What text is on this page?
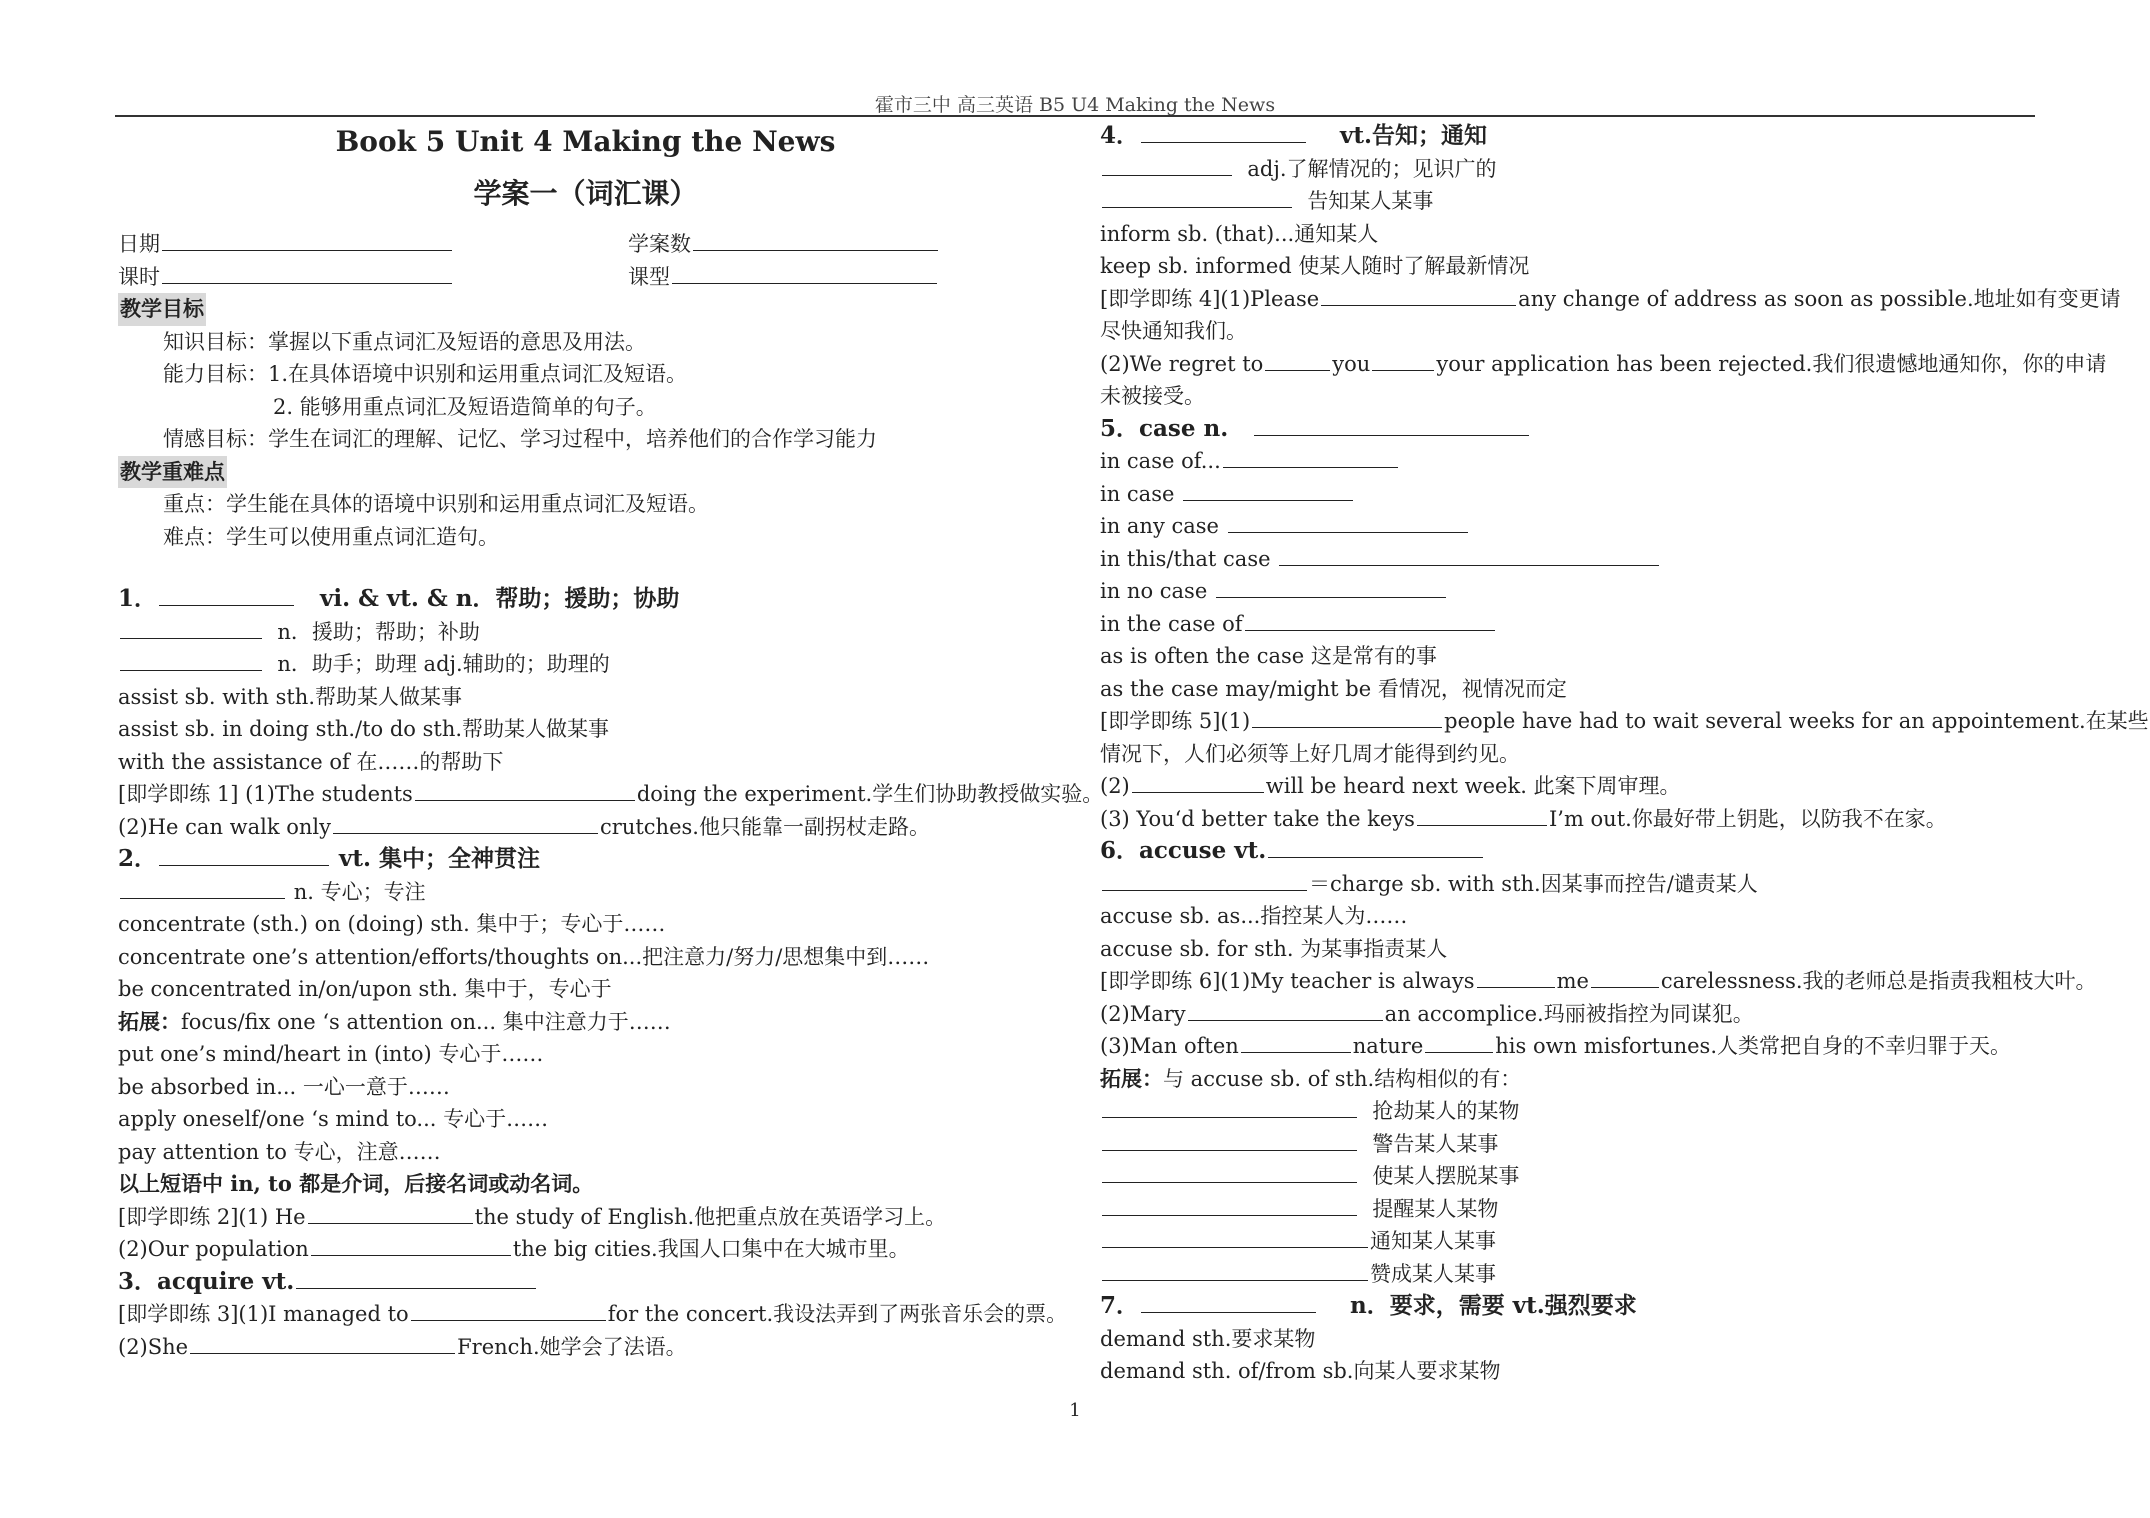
霍市三中 高三英语 B5 U4 Making the News
Book 5 Unit 4 Making the News
学案一（词汇课）
日期	学案数
课时	课型
教学目标
知识目标：掌握以下重点词汇及短语的意思及用法。
能力目标：1.在具体语境中识别和运用重点词汇及短语。
2. 能够用重点词汇及短语造简单的句子。
情感目标：学生在词汇的理解、记忆、学习过程中，培养他们的合作学习能力
教学重难点
重点：学生能在具体的语境中识别和运用重点词汇及短语。
难点：学生可以使用重点词汇造句。
1．	vi. & vt. & n．帮助；援助；协助
n．援助；帮助；补助
n．助手；助理 adj.辅助的；助理的
assist sb. with sth.帮助某人做某事
assist sb. in doing sth./to do sth.帮助某人做某事
with the assistance of 在……的帮助下
[即学即练 1] (1)The students	doing the experiment.学生们协助教授做实验。
(2)He can walk only	crutches.他只能靠一副拐杖走路。
2．	vt. 集中；全神贯注
n. 专心；专注
concentrate (sth.) on (doing) sth. 集中于；专心于……
concentrate one’s attention/efforts/thoughts on...把注意力/努力/思想集中到……
be concentrated in/on/upon sth. 集中于，专心于
拓展：focus/fix one ‘s attention on... 集中注意力于……
put one’s mind/heart in (into) 专心于……
be absorbed in... 一心一意于……
apply oneself/one ‘s mind to... 专心于……
pay attention to 专心，注意……
以上短语中 in, to 都是介词，后接名词或动名词。
[即学即练 2](1) He	the study of English.他把重点放在英语学习上。
(2)Our population	the big cities.我国人口集中在大城市里。
3．acquire vt.
[即学即练 3](1)I managed to	for the concert.我设法弄到了两张音乐会的票。
(2)She	French.她学会了法语。
4．	vt.告知；通知
adj.了解情况的；见识广的
告知某人某事
inform sb. (that)...通知某人
keep sb. informed 使某人随时了解最新情况
[即学即练 4](1)Please	any change of address as soon as possible.地址如有变更请
尽快通知我们。
(2)We regret to	you	your application has been rejected.我们很遗憾地通知你，你的申请
未被接受。
5．case n.
in case of...
in case
in any case
in this/that case
in no case
in the case of
as is often the case 这是常有的事
as the case may/might be 看情况，视情况而定
[即学即练 5](1)	people have had to wait several weeks for an appointement.在某些
情况下，人们必须等上好几周才能得到约见。
(2)	will be heard next week. 此案下周审理。
(3) You‘d better take the keys	I’m out.你最好带上钥匙，以防我不在家。
6．accuse vt.
＝charge sb. with sth.因某事而控告/谴责某人
accuse sb. as...指控某人为……
accuse sb. for sth. 为某事指责某人
[即学即练 6](1)My teacher is always	me	carelessness.我的老师总是指责我粗枝大叶。
(2)Mary	an accomplice.玛丽被指控为同谋犯。
(3)Man often	nature	his own misfortunes.人类常把自身的不幸归罪于天。
拓展：与 accuse sb. of sth.结构相似的有：
抢劫某人的某物
警告某人某事
使某人摆脱某事
提醒某人某物
通知某人某事
赞成某人某事
7．	n．要求，需要 vt.强烈要求
demand sth.要求某物
demand sth. of/from sb.向某人要求某物
1
